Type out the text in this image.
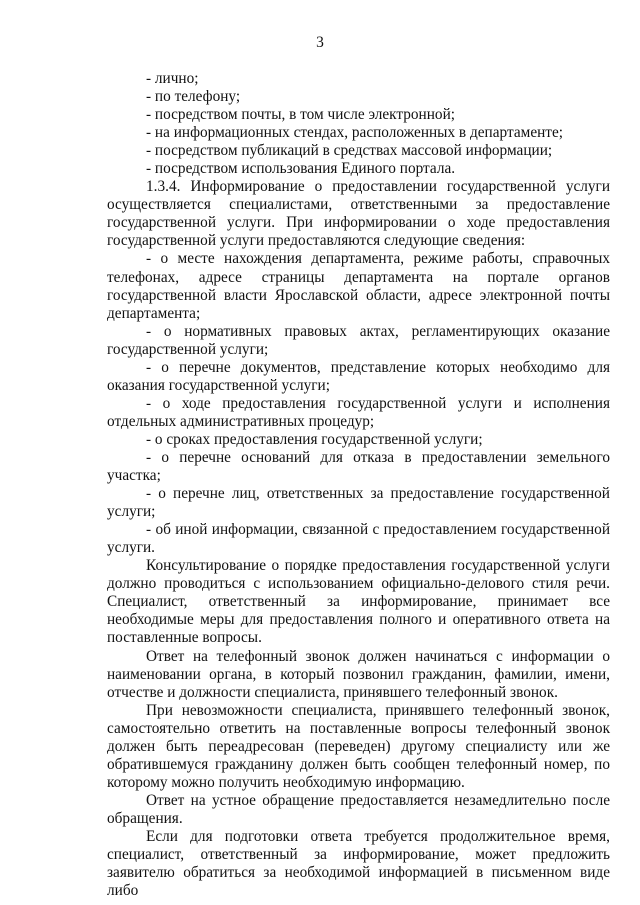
3

- лично;

- по телефону;

- посредством почты, в том числе электронной;

- на информационных стендах, расположенных в департаменте;

- посредством публикаций в средствах массовой информации;

- посредством использования Единого портала.

1.3.4. Информирование о предоставлении государственной услуги осуществляется специалистами, ответственными за предоставление государственной услуги. При информировании о ходе предоставления государственной услуги предоставляются следующие сведения:

- о месте нахождения департамента, режиме работы, справочных телефонах, адресе страницы департамента на портале органов государственной власти Ярославской области, адресе электронной почты департамента;

- о нормативных правовых актах, регламентирующих оказание государственной услуги;

- о перечне документов, представление которых необходимо для оказания государственной услуги;

- о ходе предоставления государственной услуги и исполнения отдельных административных процедур;

- о сроках предоставления государственной услуги;

- о перечне оснований для отказа в предоставлении земельного участка;

- о перечне лиц, ответственных за предоставление государственной услуги;

- об иной информации, связанной с предоставлением государственной услуги.

Консультирование о порядке предоставления государственной услуги должно проводиться с использованием официально-делового стиля речи. Специалист, ответственный за информирование, принимает все необходимые меры для предоставления полного и оперативного ответа на поставленные вопросы.

Ответ на телефонный звонок должен начинаться с информации о наименовании органа, в который позвонил гражданин, фамилии, имени, отчестве и должности специалиста, принявшего телефонный звонок.

При невозможности специалиста, принявшего телефонный звонок, самостоятельно ответить на поставленные вопросы телефонный звонок должен быть переадресован (переведен) другому специалисту или же обратившемуся гражданину должен быть сообщен телефонный номер, по которому можно получить необходимую информацию.

Ответ на устное обращение предоставляется незамедлительно после обращения.

Если для подготовки ответа требуется продолжительное время, специалист, ответственный за информирование, может предложить заявителю обратиться за необходимой информацией в письменном виде либо
